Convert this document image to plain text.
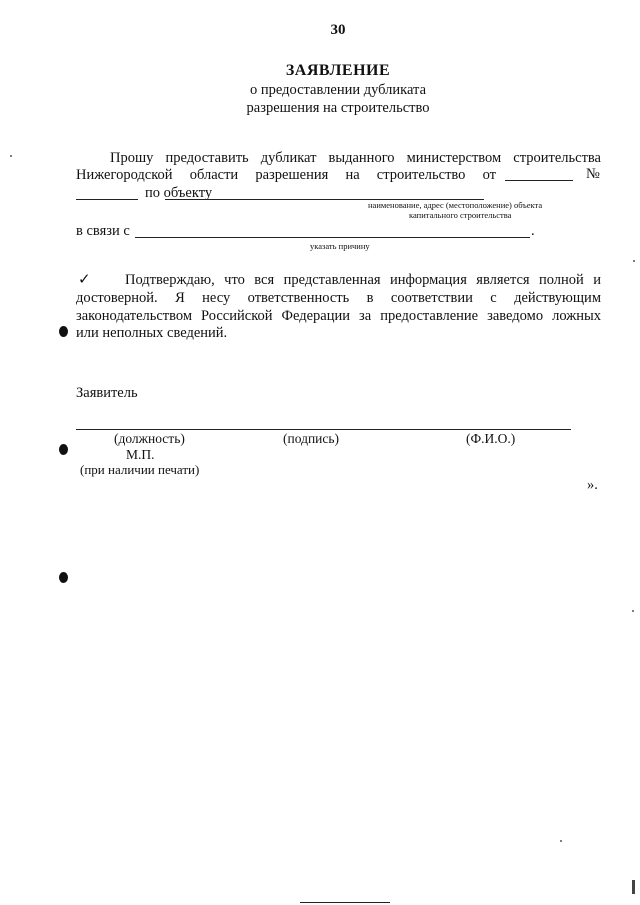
30
ЗАЯВЛЕНИЕ
о предоставлении дубликата
разрешения на строительство
Прошу предоставить дубликат выданного министерством строительства
Нижегородской области разрешения на строительство от	№
по объекту
наименование, адрес (местоположение) объекта
капитального строительства
в связи с	.
указать причину
✓ Подтверждаю, что вся представленная информация является полной и
достоверной. Я несу ответственность в соответствии с действующим
законодательством Российской Федерации за предоставление заведомо ложных
или неполных сведений.
Заявитель
(должность)	(подпись)	(Ф.И.О.)
М.П.
(при наличии печати)
».
